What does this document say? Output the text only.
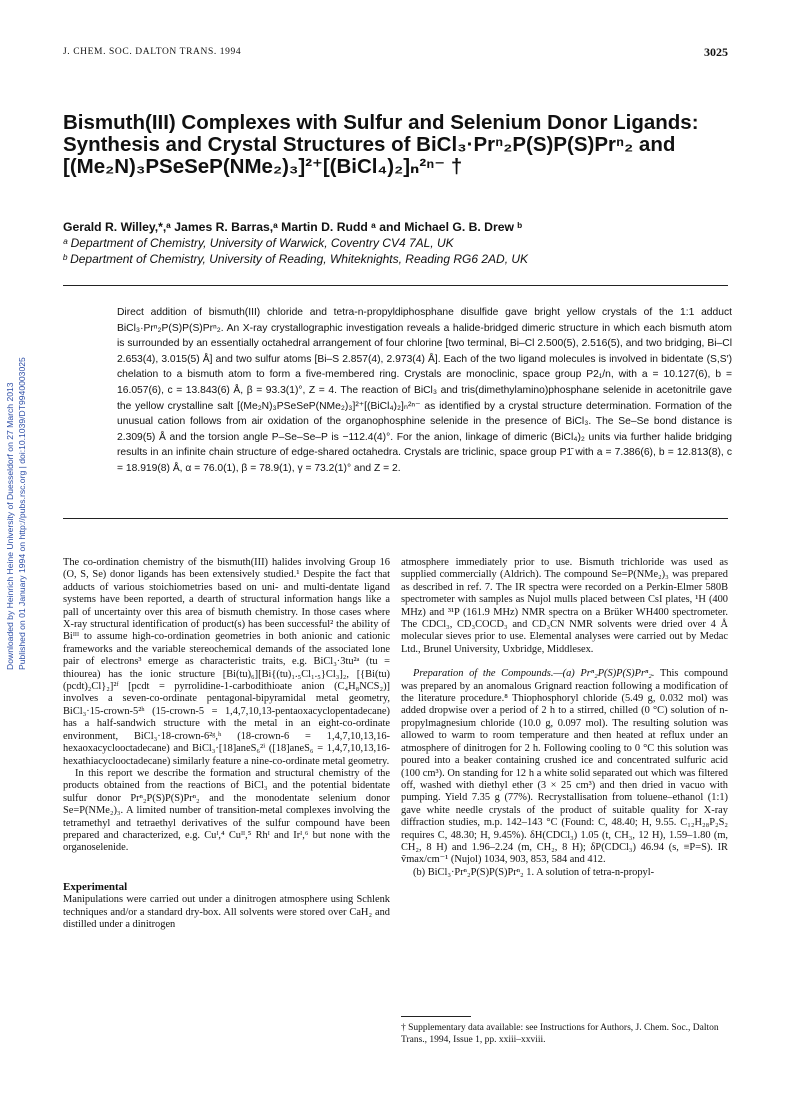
Downloaded by Heinrich Heine University of Duesseldorf on 27 March 2013 Published on 01 January 1994 on http://pubs.rsc.org | doi:10.1039/DT9940003025
J. CHEM. SOC. DALTON TRANS. 1994	3025
Bismuth(III) Complexes with Sulfur and Selenium Donor Ligands: Synthesis and Crystal Structures of BiCl₃·Prⁿ₂P(S)P(S)Prⁿ₂ and [(Me₂N)₃PSeSeP(NMe₂)₃]²⁺[(BiCl₄)₂]ₙ²ⁿ⁻ †
Gerald R. Willey,*,ᵃ James R. Barras,ᵃ Martin D. Rudd ᵃ and Michael G. B. Drew ᵇ
ᵃ Department of Chemistry, University of Warwick, Coventry CV4 7AL, UK
ᵇ Department of Chemistry, University of Reading, Whiteknights, Reading RG6 2AD, UK
Direct addition of bismuth(III) chloride and tetra-n-propyldiphosphane disulfide gave bright yellow crystals of the 1:1 adduct BiCl₃·Prⁿ₂P(S)P(S)Prⁿ₂. An X-ray crystallographic investigation reveals a halide-bridged dimeric structure in which each bismuth atom is surrounded by an essentially octahedral arrangement of four chlorine [two terminal, Bi–Cl 2.500(5), 2.516(5), and two bridging, Bi–Cl 2.653(4), 3.015(5) Å] and two sulfur atoms [Bi–S 2.857(4), 2.973(4) Å]. Each of the two ligand molecules is involved in bidentate (S,S′) chelation to a bismuth atom to form a five-membered ring. Crystals are monoclinic, space group P2₁/n, with a = 10.127(6), b = 16.057(6), c = 13.843(6) Å, β = 93.3(1)°, Z = 4. The reaction of BiCl₃ and tris(dimethylamino)phosphane selenide in acetonitrile gave the yellow crystalline salt [(Me₂N)₃PSeSeP(NMe₂)₃]²⁺[(BiCl₄)₂]ₙ²ⁿ⁻ as identified by a crystal structure determination. Formation of the unusual cation follows from air oxidation of the organophosphine selenide in the presence of BiCl₃. The Se–Se bond distance is 2.309(5) Å and the torsion angle P–Se–Se–P is −112.4(4)°. For the anion, linkage of dimeric (BiCl₄)₂ units via further halide bridging results in an infinite chain structure of edge-shared octahedra. Crystals are triclinic, space group P1̄ with a = 7.386(6), b = 12.813(8), c = 18.919(8) Å, α = 76.0(1), β = 78.9(1), γ = 73.2(1)° and Z = 2.

The co-ordination chemistry of the bismuth(III) halides involving Group 16 (O, S, Se) donor ligands has been extensively studied.¹ Despite the fact that adducts of various stoichiometries based on uni- and multi-dentate ligand systems have been reported, a dearth of structural information hangs like a pall of uncertainty over this area of bismuth chemistry. In those cases where X-ray structural identification of product(s) has been successful² the ability of Biᴵᴵᴵ to assume high-co-ordination geometries in both anionic and cationic frameworks and the variable stereochemical demands of the associated lone pair of electrons³ emerge as characteristic traits, e.g. BiCl₃·3tu²ᵃ (tu = thiourea) has the ionic structure [Bi(tu)₆][Bi{(tu)₁.₅Cl₁.₅}Cl₃]₂, [{Bi(tu)(pcdt)₂Cl}₂]²ᶠ [pcdt = pyrrolidine-1-carbodithioate anion (C₄H₈NCS₂)] involves a seven-co-ordinate pentagonal-bipyramidal metal geometry, BiCl₃·15-crown-5²ʰ (15-crown-5 = 1,4,7,10,13-pentaoxacyclopentadecane) has a half-sandwich structure with the metal in an eight-co-ordinate environment, BiCl₃·18-crown-6²ᵍ,ʰ (18-crown-6 = 1,4,7,10,13,16-hexaoxacyclooctadecane) and BiCl₃·[18]aneS₆²ⁱ ([18]aneS₆ = 1,4,7,10,13,16-hexathiacyclooctadecane) similarly feature a nine-co-ordinate metal geometry.

In this report we describe the formation and structural chemistry of the products obtained from the reactions of BiCl₃ and the potential bidentate sulfur donor Prⁿ₂P(S)P(S)Prⁿ₂ and the monodentate selenium donor Se=P(NMe₂)₃. A limited number of transition-metal complexes involving the tetramethyl and tetraethyl derivatives of the sulfur compound have been prepared and characterized, e.g. Cuᴵ,⁴ Cuᴵᴵ,⁵ Rhᴵ and Irᴵ,⁶ but none with the organoselenide.

Experimental

Manipulations were carried out under a dinitrogen atmosphere using Schlenk techniques and/or a standard dry-box. All solvents were stored over CaH₂ and distilled under a dinitrogen

atmosphere immediately prior to use. Bismuth trichloride was used as supplied commercially (Aldrich). The compound Se=P(NMe₂)₃ was prepared as described in ref. 7. The IR spectra were recorded on a Perkin-Elmer 580B spectrometer with samples as Nujol mulls placed between CsI plates, ¹H (400 MHz) and ³¹P (161.9 MHz) NMR spectra on a Brüker WH400 spectrometer. The CDCl₃, CD₃COCD₃ and CD₃CN NMR solvents were dried over 4 Å molecular sieves prior to use. Elemental analyses were carried out by Medac Ltd., Brunel University, Uxbridge, Middlesex.

Preparation of the Compounds.—(a) Prⁿ₂P(S)P(S)Prⁿ₂. This compound was prepared by an anomalous Grignard reaction following a modification of the literature procedure.⁸ Thiophosphoryl chloride (5.49 g, 0.032 mol) was added dropwise over a period of 2 h to a stirred, chilled (0 °C) solution of n-propylmagnesium chloride (10.0 g, 0.097 mol). The resulting solution was allowed to warm to room temperature and then heated at reflux under an atmosphere of dinitrogen for 2 h. Following cooling to 0 °C this solution was poured into a beaker containing crushed ice and concentrated sulfuric acid (100 cm³). On standing for 12 h a white solid separated out which was filtered off, washed with diethyl ether (3 × 25 cm³) and then dried in vacuo with pumping. Yield 7.35 g (77%). Recrystallisation from toluene–ethanol (1:1) gave white needle crystals of the product of suitable quality for X-ray diffraction studies, m.p. 142–143 °C (Found: C, 48.40; H, 9.55. C₁₂H₂₈P₂S₂ requires C, 48.30; H, 9.45%). δH(CDCl₃) 1.05 (t, CH₃, 12 H), 1.59–1.80 (m, CH₂, 8 H) and 1.96–2.24 (m, CH₂, 8 H); δP(CDCl₃) 46.94 (s, ≡P=S). IR ṽmax/cm⁻¹ (Nujol) 1034, 903, 853, 584 and 412.

(b) BiCl₃·Prⁿ₂P(S)P(S)Prⁿ₂ 1. A solution of tetra-n-propyl-

† Supplementary data available: see Instructions for Authors, J. Chem. Soc., Dalton Trans., 1994, Issue 1, pp. xxiii–xxviii.
